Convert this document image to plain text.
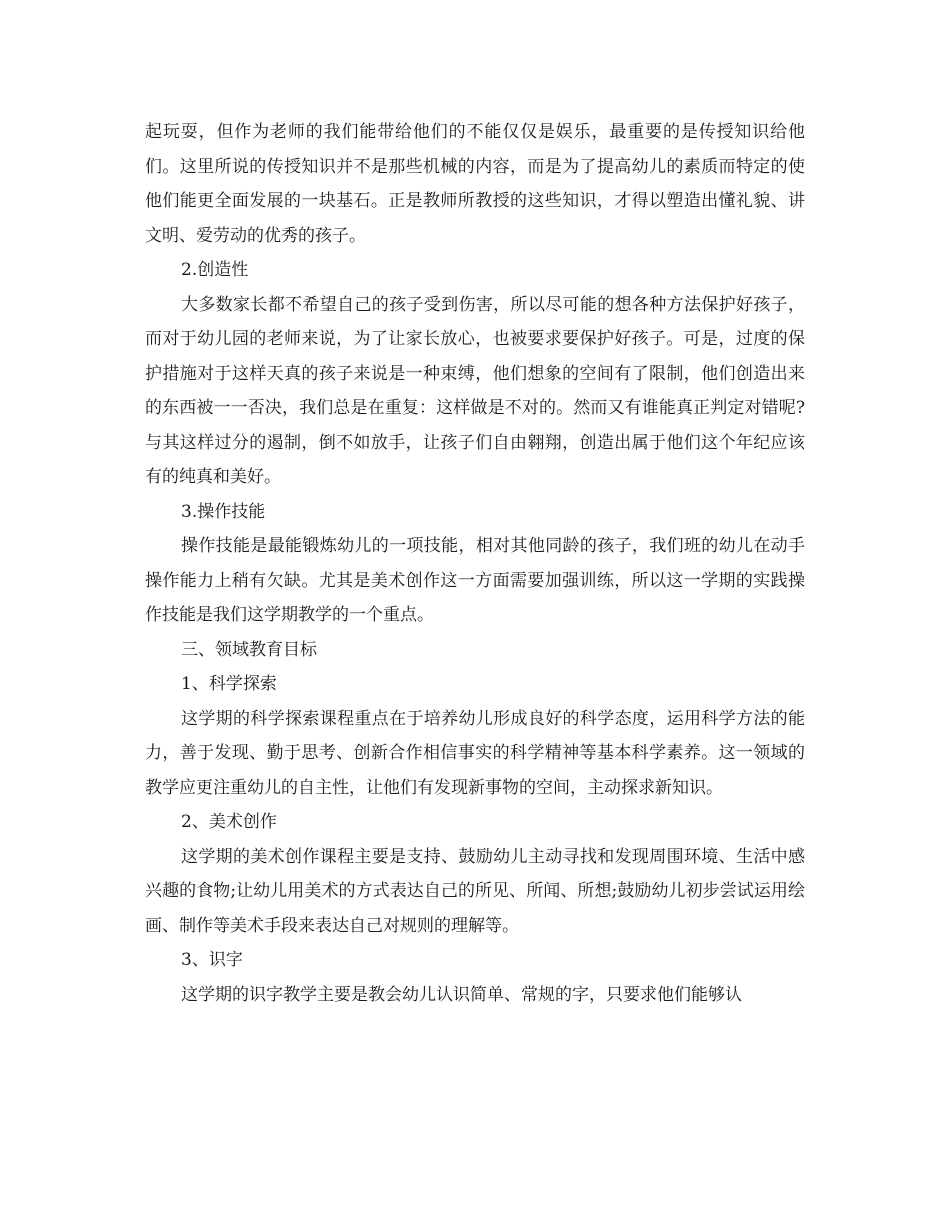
起玩耍，但作为老师的我们能带给他们的不能仅仅是娱乐，最重要的是传授知识给他们。这里所说的传授知识并不是那些机械的内容，而是为了提高幼儿的素质而特定的使他们能更全面发展的一块基石。正是教师所教授的这些知识，才得以塑造出懂礼貌、讲文明、爱劳动的优秀的孩子。

2.创造性

大多数家长都不希望自己的孩子受到伤害，所以尽可能的想各种方法保护好孩子，而对于幼儿园的老师来说，为了让家长放心，也被要求要保护好孩子。可是，过度的保护措施对于这样天真的孩子来说是一种束缚，他们想象的空间有了限制，他们创造出来的东西被一一否决，我们总是在重复：这样做是不对的。然而又有谁能真正判定对错呢?与其这样过分的遏制，倒不如放手，让孩子们自由翱翔，创造出属于他们这个年纪应该有的纯真和美好。

3.操作技能

操作技能是最能锻炼幼儿的一项技能，相对其他同龄的孩子，我们班的幼儿在动手操作能力上稍有欠缺。尤其是美术创作这一方面需要加强训练，所以这一学期的实践操作技能是我们这学期教学的一个重点。

三、领域教育目标

1、科学探索

这学期的科学探索课程重点在于培养幼儿形成良好的科学态度，运用科学方法的能力，善于发现、勤于思考、创新合作相信事实的科学精神等基本科学素养。这一领域的教学应更注重幼儿的自主性，让他们有发现新事物的空间，主动探求新知识。

2、美术创作

这学期的美术创作课程主要是支持、鼓励幼儿主动寻找和发现周围环境、生活中感兴趣的食物;让幼儿用美术的方式表达自己的所见、所闻、所想;鼓励幼儿初步尝试运用绘画、制作等美术手段来表达自己对规则的理解等。

3、识字

这学期的识字教学主要是教会幼儿认识简单、常规的字，只要求他们能够认
